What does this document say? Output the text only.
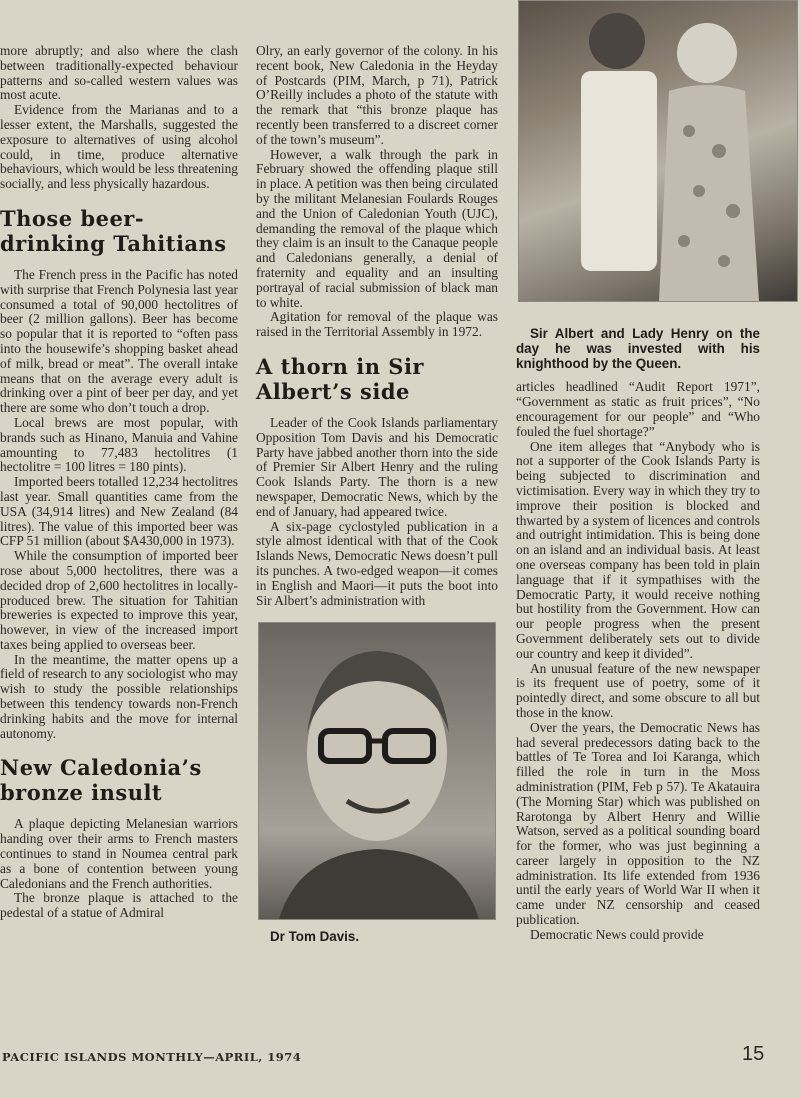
more abruptly; and also where the clash between traditionally-expected behaviour patterns and so-called western values was most acute.

Evidence from the Marianas and to a lesser extent, the Marshalls, suggested the exposure to alternatives of using alcohol could, in time, produce alternative behaviours, which would be less threatening socially, and less physically hazardous.

Those beer-drinking Tahitians

The French press in the Pacific has noted with surprise that French Polynesia last year consumed a total of 90,000 hectolitres of beer (2 million gallons). Beer has become so popular that it is reported to “often pass into the housewife’s shopping basket ahead of milk, bread or meat”. The overall intake means that on the average every adult is drinking over a pint of beer per day, and yet there are some who don’t touch a drop.

Local brews are most popular, with brands such as Hinano, Manuia and Vahine amounting to 77,483 hectolitres (1 hectolitre = 100 litres = 180 pints).

Imported beers totalled 12,234 hectolitres last year. Small quantities came from the USA (34,914 litres) and New Zealand (84 litres). The value of this imported beer was CFP 51 million (about $A430,000 in 1973).

While the consumption of imported beer rose about 5,000 hectolitres, there was a decided drop of 2,600 hectolitres in locally-produced brew. The situation for Tahitian breweries is expected to improve this year, however, in view of the increased import taxes being applied to overseas beer.

In the meantime, the matter opens up a field of research to any sociologist who may wish to study the possible relationships between this tendency towards non-French drinking habits and the move for internal autonomy.

New Caledonia’s bronze insult

A plaque depicting Melanesian warriors handing over their arms to French masters continues to stand in Noumea central park as a bone of contention between young Caledonians and the French authorities.

The bronze plaque is attached to the pedestal of a statue of Admiral

Olry, an early governor of the colony. In his recent book, New Caledonia in the Heyday of Postcards (PIM, March, p 71), Patrick O’Reilly includes a photo of the statute with the remark that “this bronze plaque has recently been transferred to a discreet corner of the town’s museum”.

However, a walk through the park in February showed the offending plaque still in place. A petition was then being circulated by the militant Melanesian Foulards Rouges and the Union of Caledonian Youth (UJC), demanding the removal of the plaque which they claim is an insult to the Canaque people and Caledonians generally, a denial of fraternity and equality and an insulting portrayal of racial submission of black man to white.

Agitation for removal of the plaque was raised in the Territorial Assembly in 1972.

A thorn in Sir Albert’s side

Leader of the Cook Islands parliamentary Opposition Tom Davis and his Democratic Party have jabbed another thorn into the side of Premier Sir Albert Henry and the ruling Cook Islands Party. The thorn is a new newspaper, Democratic News, which by the end of January, had appeared twice.

A six-page cyclostyled publication in a style almost identical with that of the Cook Islands News, Democratic News doesn’t pull its punches. A two-edged weapon—it comes in English and Maori—it puts the boot into Sir Albert’s administration with

Dr Tom Davis.

Sir Albert and Lady Henry on the day he was invested with his knighthood by the Queen.

articles headlined “Audit Report 1971”, “Government as static as fruit prices”, “No encouragement for our people” and “Who fouled the fuel shortage?”

One item alleges that “Anybody who is not a supporter of the Cook Islands Party is being subjected to discrimination and victimisation. Every way in which they try to improve their position is blocked and thwarted by a system of licences and controls and outright intimidation. This is being done on an island and an individual basis. At least one overseas company has been told in plain language that if it sympathises with the Democratic Party, it would receive nothing but hostility from the Government. How can our people progress when the present Government deliberately sets out to divide our country and keep it divided”.

An unusual feature of the new newspaper is its frequent use of poetry, some of it pointedly direct, and some obscure to all but those in the know.

Over the years, the Democratic News has had several predecessors dating back to the battles of Te Torea and Ioi Karanga, which filled the role in turn in the Moss administration (PIM, Feb p 57). Te Akatauira (The Morning Star) which was published on Rarotonga by Albert Henry and Willie Watson, served as a political sounding board for the former, who was just beginning a career largely in opposition to the NZ administration. Its life extended from 1936 until the early years of World War II when it came under NZ censorship and ceased publication.

Democratic News could provide

PACIFIC ISLANDS MONTHLY—APRIL, 1974	15
